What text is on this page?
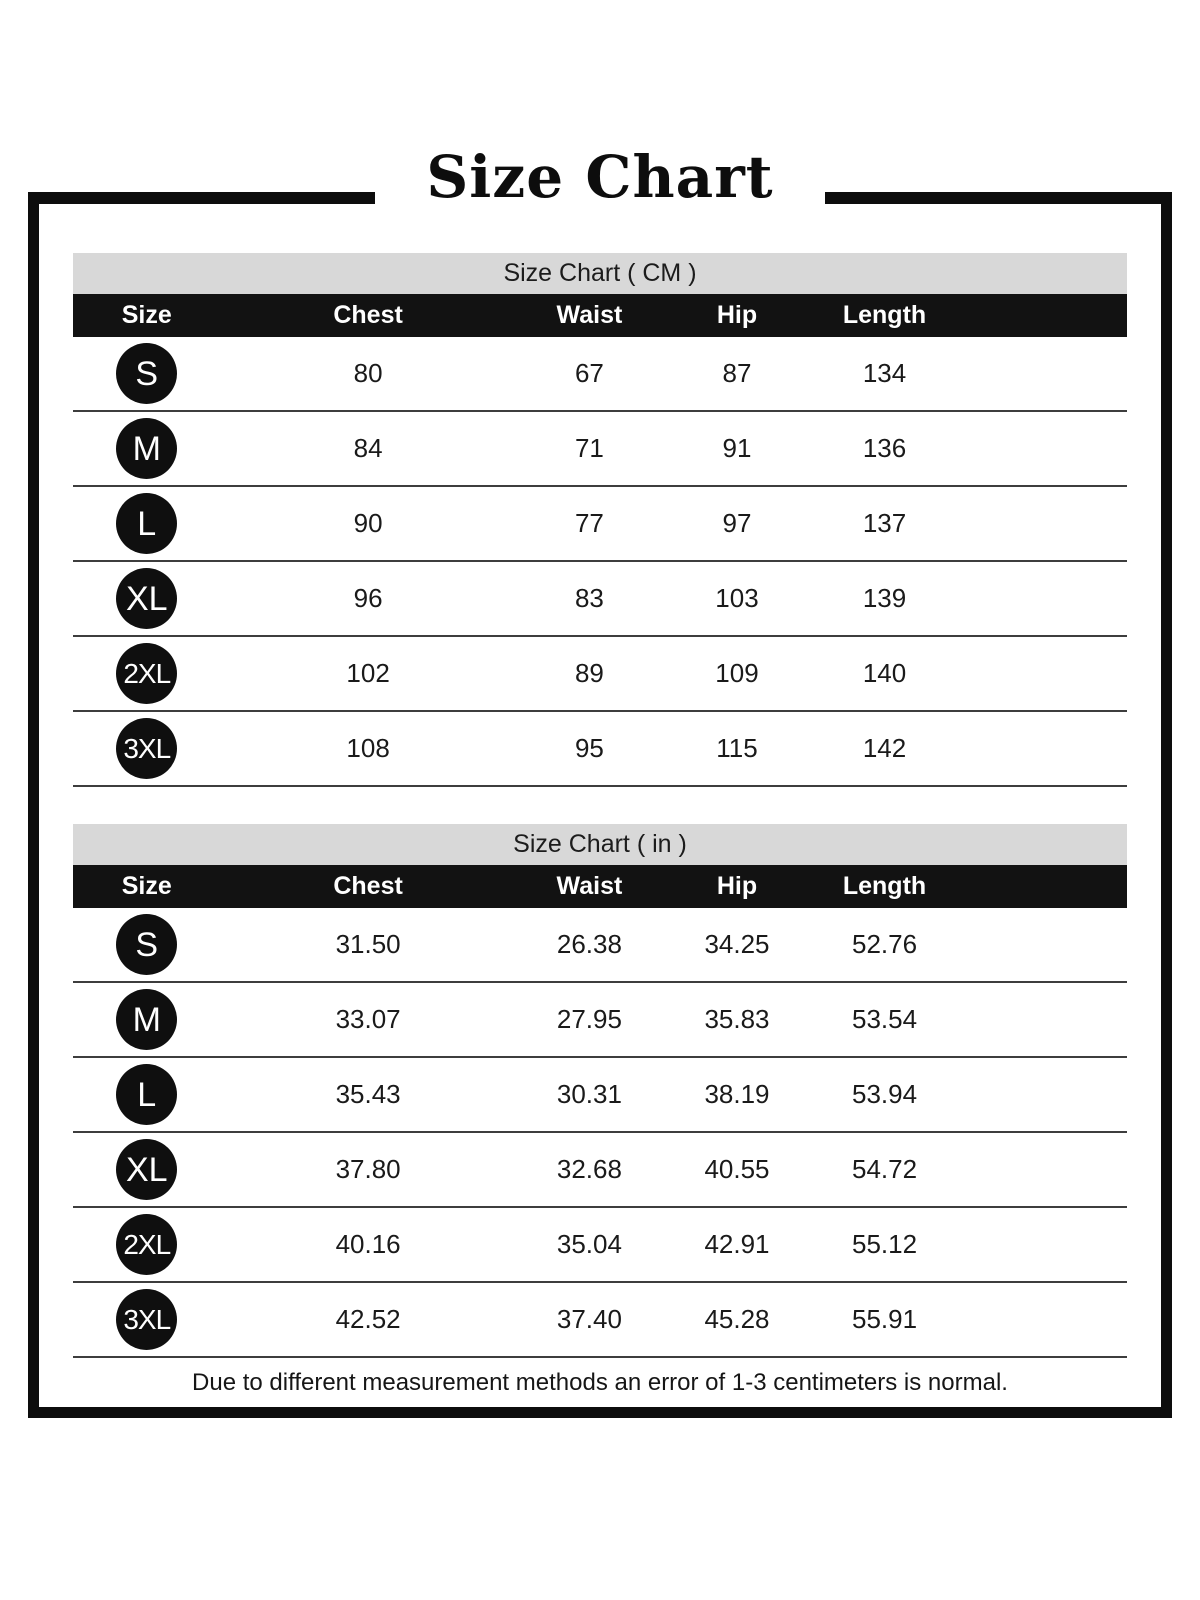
Size Chart
Size Chart ( CM )
Size	Chest	Waist	Hip	Length
S	80	67	87	134
M	84	71	91	136
L	90	77	97	137
XL	96	83	103	139
2XL	102	89	109	140
3XL	108	95	115	142
Size Chart ( in )
Size	Chest	Waist	Hip	Length
S	31.50	26.38	34.25	52.76
M	33.07	27.95	35.83	53.54
L	35.43	30.31	38.19	53.94
XL	37.80	32.68	40.55	54.72
2XL	40.16	35.04	42.91	55.12
3XL	42.52	37.40	45.28	55.91
Due to different measurement methods an error of 1-3 centimeters is normal.
